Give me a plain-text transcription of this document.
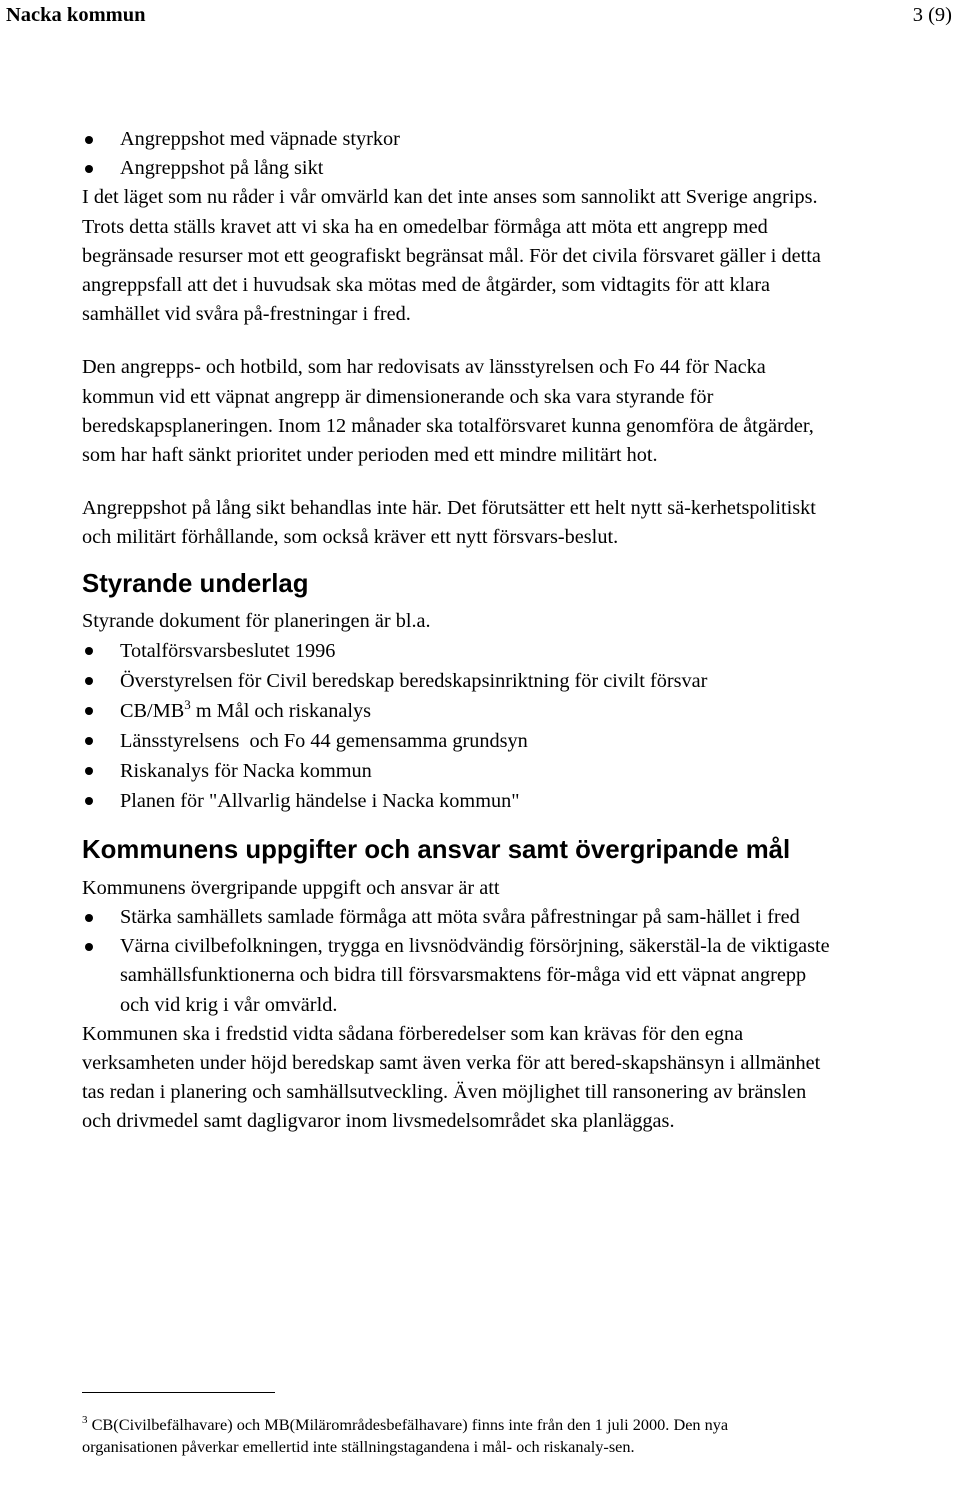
Nacka kommun	3 (9)
Angreppshot med väpnade styrkor
Angreppshot på lång sikt

I det läget som nu råder i vår omvärld kan det inte anses som sannolikt att Sverige angrips. Trots detta ställs kravet att vi ska ha en omedelbar förmåga att möta ett angrepp med begränsade resurser mot ett geografiskt begränsat mål. För det civila försvaret gäller i detta angreppsfall att det i huvudsak ska mötas med de åtgärder, som vidtagits för att klara samhället vid svåra på-frestningar i fred.

Den angrepps- och hotbild, som har redovisats av länsstyrelsen och Fo 44 för Nacka kommun vid ett väpnat angrepp är dimensionerande och ska vara styrande för beredskapsplaneringen. Inom 12 månader ska totalförsvaret kunna genomföra de åtgärder, som har haft sänkt prioritet under perioden med ett mindre militärt hot.

Angreppshot på lång sikt behandlas inte här. Det förutsätter ett helt nytt sä-kerhetspolitiskt och militärt förhållande, som också kräver ett nytt försvars-beslut.

Styrande underlag

Styrande dokument för planeringen är bl.a.

Totalförsvarsbeslutet 1996
Överstyrelsen för Civil beredskap beredskapsinriktning för civilt försvar
$CB/MB^3$ m Mål och riskanalys
Länsstyrelsens  och Fo 44 gemensamma grundsyn
Riskanalys för Nacka kommun
Planen för "Allvarlig händelse i Nacka kommun"
Kommunens uppgifter och ansvar samt övergripande mål

Kommunens övergripande uppgift och ansvar är att

Stärka samhällets samlade förmåga att möta svåra påfrestningar på sam-hället i fred
Värna civilbefolkningen, trygga en livsnödvändig försörjning, säkerstäl-la de viktigaste samhällsfunktionerna och bidra till försvarsmaktens för-måga vid ett väpnat angrepp och vid krig i vår omvärld.

Kommunen ska i fredstid vidta sådana förberedelser som kan krävas för den egna verksamheten under höjd beredskap samt även verka för att bered-skapshänsyn i allmänhet tas redan i planering och samhällsutveckling. Även möjlighet till ransonering av bränslen och drivmedel samt dagligvaror inom livsmedelsområdet ska planläggas.

$^3$ CB(Civilbefälhavare) och MB(Milärområdesbefälhavare) finns inte från den 1 juli 2000. Den nya organisationen påverkar emellertid inte ställningstagandena i mål- och riskanaly-sen.
